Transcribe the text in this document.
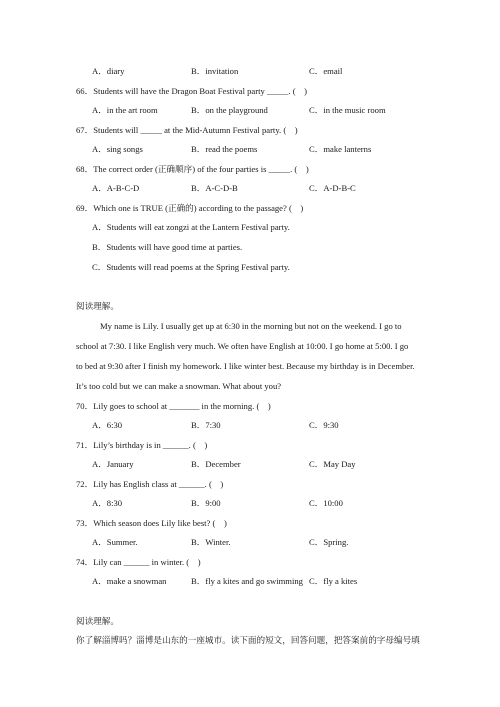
A．diary	B．invitation	C．email
66．Students will have the Dragon Boat Festival party _____. (　)
A．in the art room	B．on the playground	C．in the music room
67．Students will _____ at the Mid-Autumn Festival party. (　)
A．sing songs	B．read the poems	C．make lanterns
68．The correct order (正确顺序) of the four parties is _____. (　)
A．A-B-C-D	B．A-C-D-B	C．A-D-B-C
69．Which one is TRUE (正确的) according to the passage? (　)
A．Students will eat zongzi at the Lantern Festival party.
B．Students will have good time at parties.
C．Students will read poems at the Spring Festival party.
阅读理解。
My name is Lily. I usually get up at 6:30 in the morning but not on the weekend. I go to
school at 7:30. I like English very much. We often have English at 10:00. I go home at 5:00. I go
to bed at 9:30 after I finish my homework. I like winter best. Because my birthday is in December.
It’s too cold but we can make a snowman. What about you?
70．Lily goes to school at _______ in the morning. (　)
A．6:30	B．7:30	C．9:30
71．Lily’s birthday is in ______. (　)
A．January	B．December	C．May Day
72．Lily has English class at ______. (　)
A．8:30	B．9:00	C．10:00
73．Which season does Lily like best? (　)
A．Summer.	B．Winter.	C．Spring.
74．Lily can ______ in winter. (　)
A．make a snowman	B．fly a kites and go swimming C．fly a kites
阅读理解。
你了解淄博吗？淄博是山东的一座城市。读下面的短文，回答问题，把答案前的字母编号填
